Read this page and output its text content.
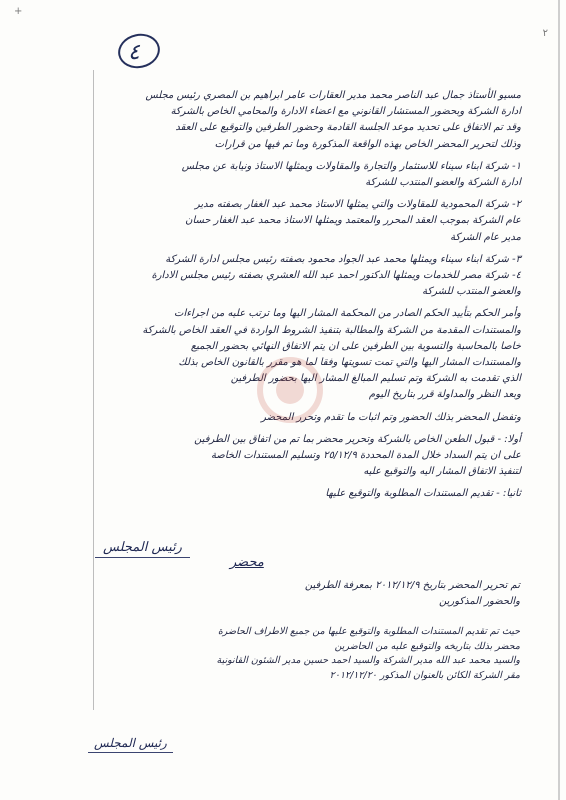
+
٢
٤

مسيو الأستاذ جمال عبد الناصر محمد مدير العقارات عامر ابراهيم بن المصري رئيس مجلس
ادارة الشركة وبحضور المستشار القانوني مع اعضاء الادارة والمحامي الخاص بالشركة
وقد تم الاتفاق على تحديد موعد الجلسة القادمة وحضور الطرفين والتوقيع على العقد
وذلك لتحرير المحضر الخاص بهذه الواقعة المذكورة وما تم فيها من قرارات

١- شركة ابناء سيناء للاستثمار والتجارة والمقاولات ويمثلها الاستاذ ونيابة عن مجلس
ادارة الشركة والعضو المنتدب للشركة

٢- شركة المحمودية للمقاولات والتي يمثلها الاستاذ محمد عبد الغفار بصفته مدير
عام الشركة بموجب العقد المحرر والمعتمد ويمثلها الاستاذ محمد عبد الغفار حسان
مدير عام الشركة

٣- شركة ابناء سيناء ويمثلها محمد عبد الجواد محمود بصفته رئيس مجلس ادارة الشركة
٤- شركة مصر للخدمات ويمثلها الدكتور احمد عبد الله العشري بصفته رئيس مجلس الادارة
والعضو المنتدب للشركة

وأمر الحكم بتأييد الحكم الصادر من المحكمة المشار اليها وما ترتب عليه من اجراءات
والمستندات المقدمة من الشركة والمطالبة بتنفيذ الشروط الواردة في العقد الخاص بالشركة
خاصا بالمحاسبة والتسوية بين الطرفين على ان يتم الاتفاق النهائي بحضور الجميع
والمستندات المشار اليها والتي تمت تسويتها وفقا لما هو مقرر بالقانون الخاص بذلك
الذي تقدمت به الشركة وتم تسليم المبالغ المشار اليها الطرفين
وبعد النظر والمداولة قرر بتاريخ اليوم

وتفضل المحضر بذلك الحضور وتم اثبات ما تقدم وتحرر المحضر

أولا: - قبول الطعن الخاص بالشركة وتحرير محضر بما تم من اتفاق بين الطرفين
على ان يتم السداد خلال المدة المحددة ٢٥/١٢/٩ وتسليم المستندات الخاصة
لتنفيذ الاتفاق المشار اليه والتوقيع عليه

ثانيا: - تقديم المستندات المطلوبة والتوقيع عليها

رئيس المجلس
محضر
تم تحرير المحضر بتاريخ ٢٠١٢/١٢/٩ بمعرفة الطرفين
والحضور المذكورين
حيث تم تقديم المستندات المطلوبة والتوقيع عليها من جميع الاطراف الحاضرة
محضر بذلك بتاريخه والتوقيع عليه من الحاضرين
والسيد محمد عبد الله مدير الشركة والسيد احمد حسين مدير الشئون القانونية
مقر الشركة الكائن بالعنوان المذكور ٢٠١٢/١٢/٢٠
رئيس المجلس
